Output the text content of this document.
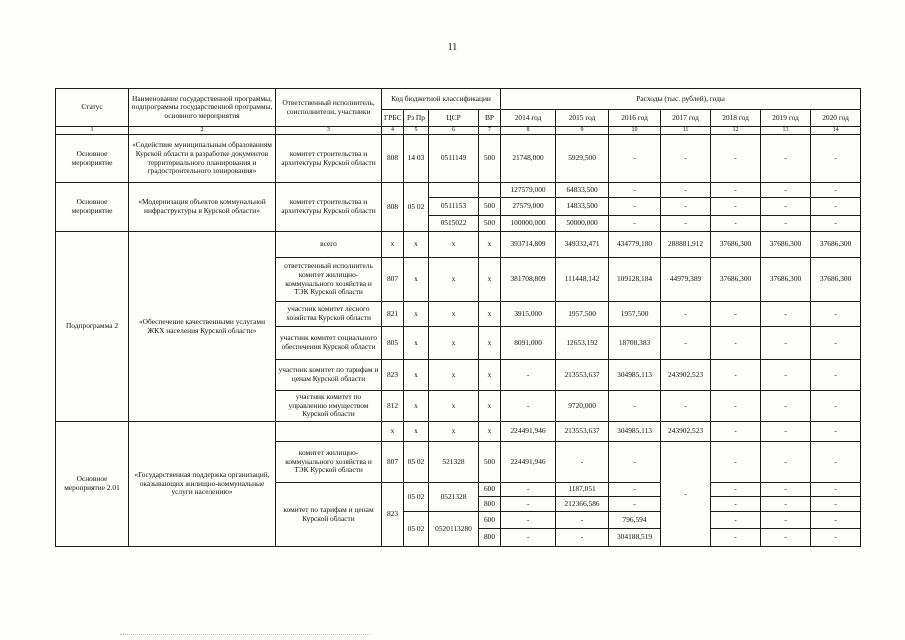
11
Статус	Наименование государственной программы, подпрограммы государственной программы, основного мероприятия	Ответственный исполнитель, соисполнители, участники	Код бюджетной классификации				Расходы (тыс. рублей), годы						
			ГРБС	Рз Пр	ЦСР	ВР	2014 год	2015 год	2016 год	2017 год	2018 год	2019 год	2020 год
1	2	3	4	5	6	7	8	9	10	11	12	13	14
Основное мероприятие	«Содействие муниципальным образованиям Курской области в разработке документов территориального планирования и градостроительного зонирования»	комитет строительства и архитектуры Курской области	808	14 03	0511149	500	21748,000	5929,500	-	-	-	-	-
Основное мероприятие	«Модернизация объектов коммунальной инфраструктуры в Курской области»	комитет строительства и архитектуры Курской области	808	05 02			127579,000	64833,500	-	-	-	-	-
					0511153	500	27579,000	14833,500	-	-	-	-	-
					0515022	500	100000,000	50000,000	-	-	-	-	-
Подпрограмма 2	«Обеспечение качественными услугами ЖКХ населения Курской области»	всего	х	х	х	х	393714,809	349332,471	434779,180	288881,912	37686,300	37686,300	37686,300
		ответственный исполнитель комитет жилищно-коммунального хозяйства и ТЭК Курской области	807	х	х	х	381708,809	111448,142	109128,184	44979,389	37686,300	37686,300	37686,300
		участник комитет лесного хозяйства Курской области	821	х	х	х	3915,000	1957,500	1957,500	-	-	-	-
		участник комитет социального обеспечения Курской области	805	х	х	х	8091,000	12653,192	18708,383	-	-	-	-
		участник комитет по тарифам и ценам Курской области	823	х	х	х	-	213553,637	304985,113	243902,523	-	-	-
		участник комитет по управлению имуществом Курской области	812	х	х	х	-	9720,000	-	-	-	-	-
Основное мероприятие 2.01	«Государственная поддержка организаций, оказывающих жилищно-коммунальные услуги населению»		х	х	х	х	224491,946	213553,637	304985,113	243902,523	-	-	-
		комитет жилищно-коммунального хозяйства и ТЭК Курской области	807	05 02	521328	500	224491,946	-	-	-	-	-	-
		комитет по тарифам и ценам Курской области	823	05 02	0521328	600	-	1187,051	-		-	-	-
						800	-	212366,586	-		-	-	-
				05 02	0520113280	600	-	-	796,594		-	-	-
						800	-	-	304188,519		-	-	-
